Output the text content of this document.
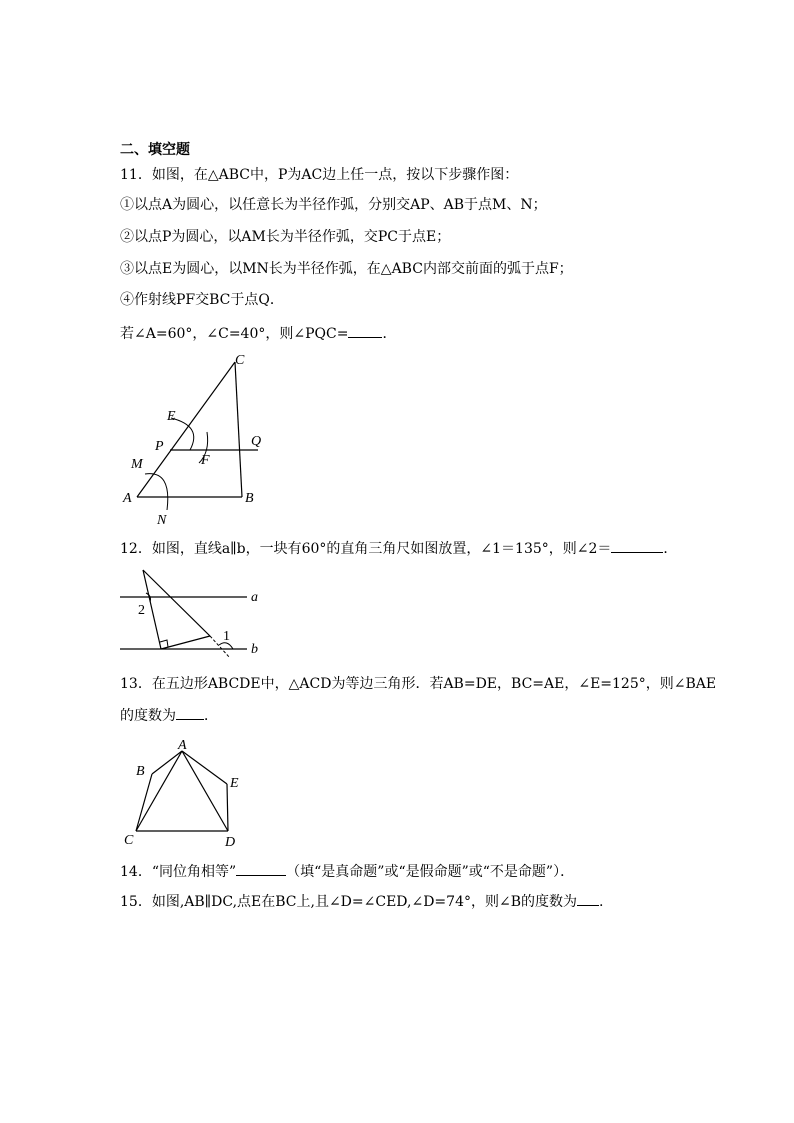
二、填空题
11．如图，在△ABC中，P为AC边上任一点，按以下步骤作图：
①以点A为圆心，以任意长为半径作弧，分别交AP、AB于点M、N；
②以点P为圆心，以AM长为半径作弧，交PC于点E；
③以点E为圆心，以MN长为半径作弧，在△ABC内部交前面的弧于点F；
④作射线PF交BC于点Q．
若∠A=60°，∠C=40°，则∠PQC= ．
C
E
P	Q
F
M
A	B
N
12．如图，直线a∥b，一块有60°的直角三角尺如图放置，∠1＝135°，则∠2＝	．
2
1
a
b
13．在五边形ABCDE中，△ACD为等边三角形．若AB=DE，BC=AE，∠E=125°，则∠BAE
的度数为 ．
A
B
E
C	D
14．“同位角相等”	（填“是真命题”或“是假命题”或“不是命题”）．
15．如图,AB∥DC,点E在BC上,且∠D=∠CED,∠D=74°，则∠B的度数为 .
